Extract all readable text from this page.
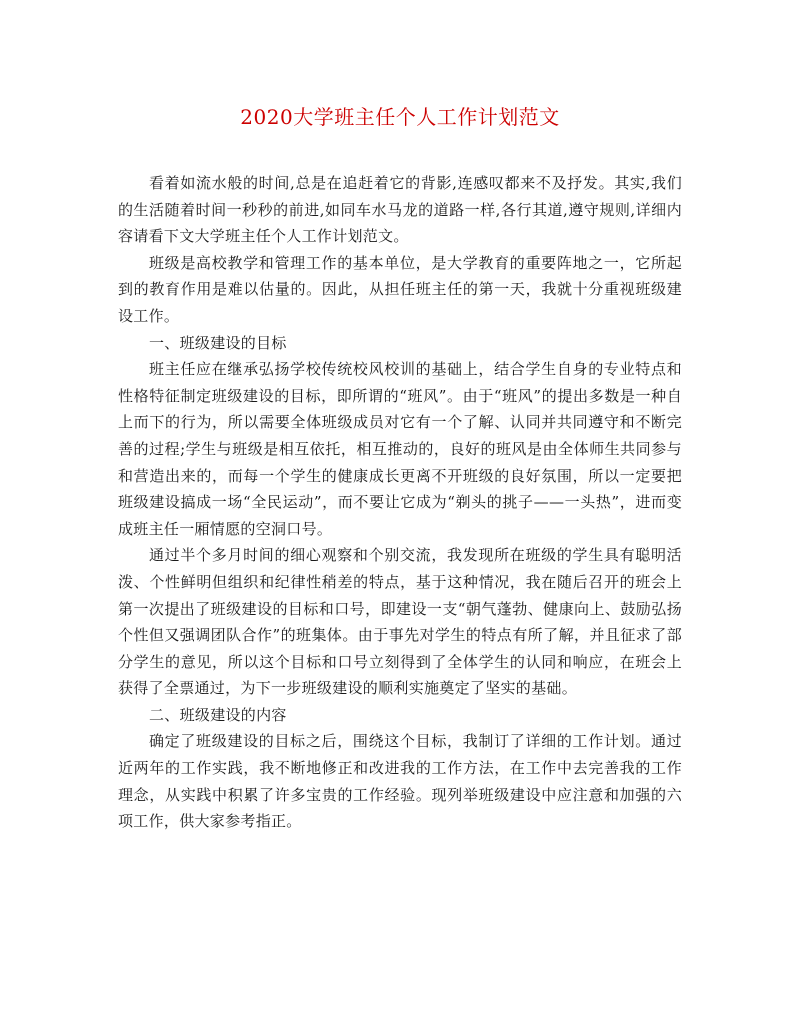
2020大学班主任个人工作计划范文

看着如流水般的时间,总是在追赶着它的背影,连感叹都来不及抒发。其实,我们的生活随着时间一秒秒的前进,如同车水马龙的道路一样,各行其道,遵守规则,详细内容请看下文大学班主任个人工作计划范文。

班级是高校教学和管理工作的基本单位，是大学教育的重要阵地之一，它所起到的教育作用是难以估量的。因此，从担任班主任的第一天，我就十分重视班级建设工作。

一、班级建设的目标

班主任应在继承弘扬学校传统校风校训的基础上，结合学生自身的专业特点和性格特征制定班级建设的目标，即所谓的“班风”。由于“班风”的提出多数是一种自上而下的行为，所以需要全体班级成员对它有一个了解、认同并共同遵守和不断完善的过程;学生与班级是相互依托，相互推动的，良好的班风是由全体师生共同参与和营造出来的，而每一个学生的健康成长更离不开班级的良好氛围，所以一定要把班级建设搞成一场“全民运动”，而不要让它成为“剃头的挑子——一头热”，进而变成班主任一厢情愿的空洞口号。

通过半个多月时间的细心观察和个别交流，我发现所在班级的学生具有聪明活泼、个性鲜明但组织和纪律性稍差的特点，基于这种情况，我在随后召开的班会上第一次提出了班级建设的目标和口号，即建设一支“朝气蓬勃、健康向上、鼓励弘扬个性但又强调团队合作”的班集体。由于事先对学生的特点有所了解，并且征求了部分学生的意见，所以这个目标和口号立刻得到了全体学生的认同和响应，在班会上获得了全票通过，为下一步班级建设的顺利实施奠定了坚实的基础。

二、班级建设的内容

确定了班级建设的目标之后，围绕这个目标，我制订了详细的工作计划。通过近两年的工作实践，我不断地修正和改进我的工作方法，在工作中去完善我的工作理念，从实践中积累了许多宝贵的工作经验。现列举班级建设中应注意和加强的六项工作，供大家参考指正。
